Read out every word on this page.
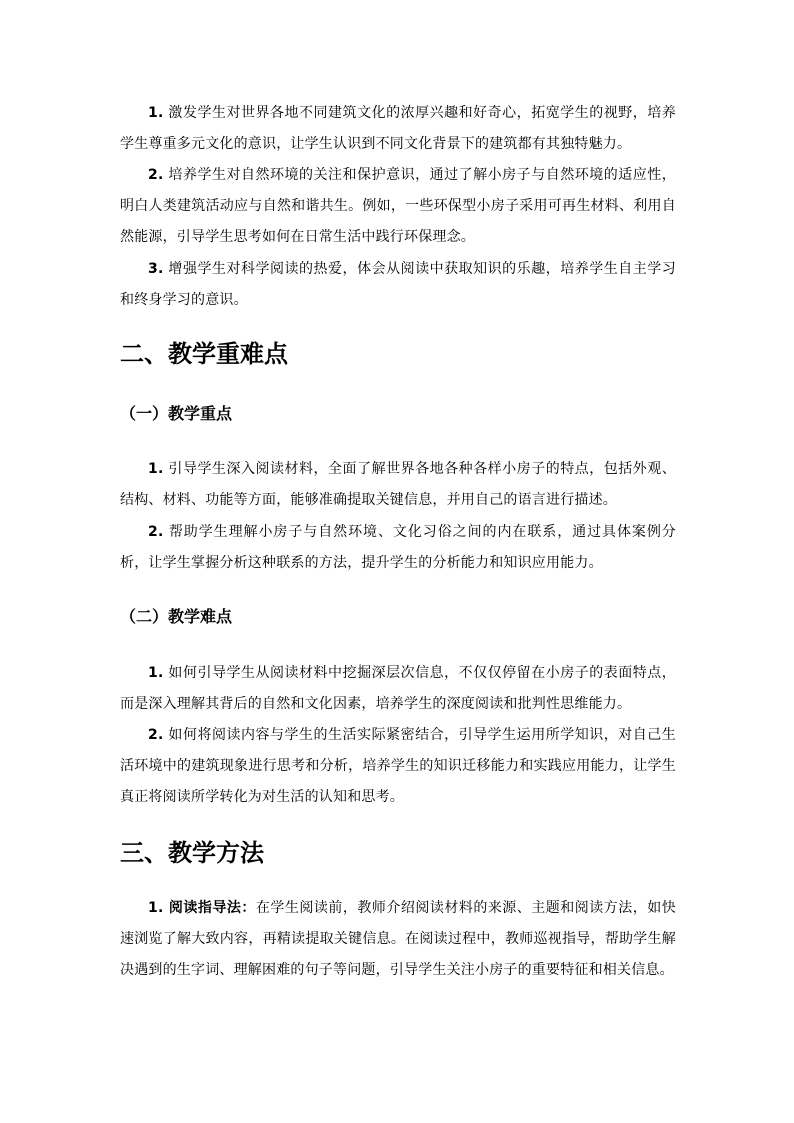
1. 激发学生对世界各地不同建筑文化的浓厚兴趣和好奇心，拓宽学生的视野，培养学生尊重多元文化的意识，让学生认识到不同文化背景下的建筑都有其独特魅力。

2. 培养学生对自然环境的关注和保护意识，通过了解小房子与自然环境的适应性，明白人类建筑活动应与自然和谐共生。例如，一些环保型小房子采用可再生材料、利用自然能源，引导学生思考如何在日常生活中践行环保理念。

3. 增强学生对科学阅读的热爱，体会从阅读中获取知识的乐趣，培养学生自主学习和终身学习的意识。

二、教学重难点
（一）教学重点

1. 引导学生深入阅读材料，全面了解世界各地各种各样小房子的特点，包括外观、结构、材料、功能等方面，能够准确提取关键信息，并用自己的语言进行描述。

2. 帮助学生理解小房子与自然环境、文化习俗之间的内在联系，通过具体案例分析，让学生掌握分析这种联系的方法，提升学生的分析能力和知识应用能力。

（二）教学难点

1. 如何引导学生从阅读材料中挖掘深层次信息，不仅仅停留在小房子的表面特点，而是深入理解其背后的自然和文化因素，培养学生的深度阅读和批判性思维能力。

2. 如何将阅读内容与学生的生活实际紧密结合，引导学生运用所学知识，对自己生活环境中的建筑现象进行思考和分析，培养学生的知识迁移能力和实践应用能力，让学生真正将阅读所学转化为对生活的认知和思考。

三、教学方法

1. 阅读指导法：在学生阅读前，教师介绍阅读材料的来源、主题和阅读方法，如快速浏览了解大致内容，再精读提取关键信息。在阅读过程中，教师巡视指导，帮助学生解决遇到的生字词、理解困难的句子等问题，引导学生关注小房子的重要特征和相关信息。
